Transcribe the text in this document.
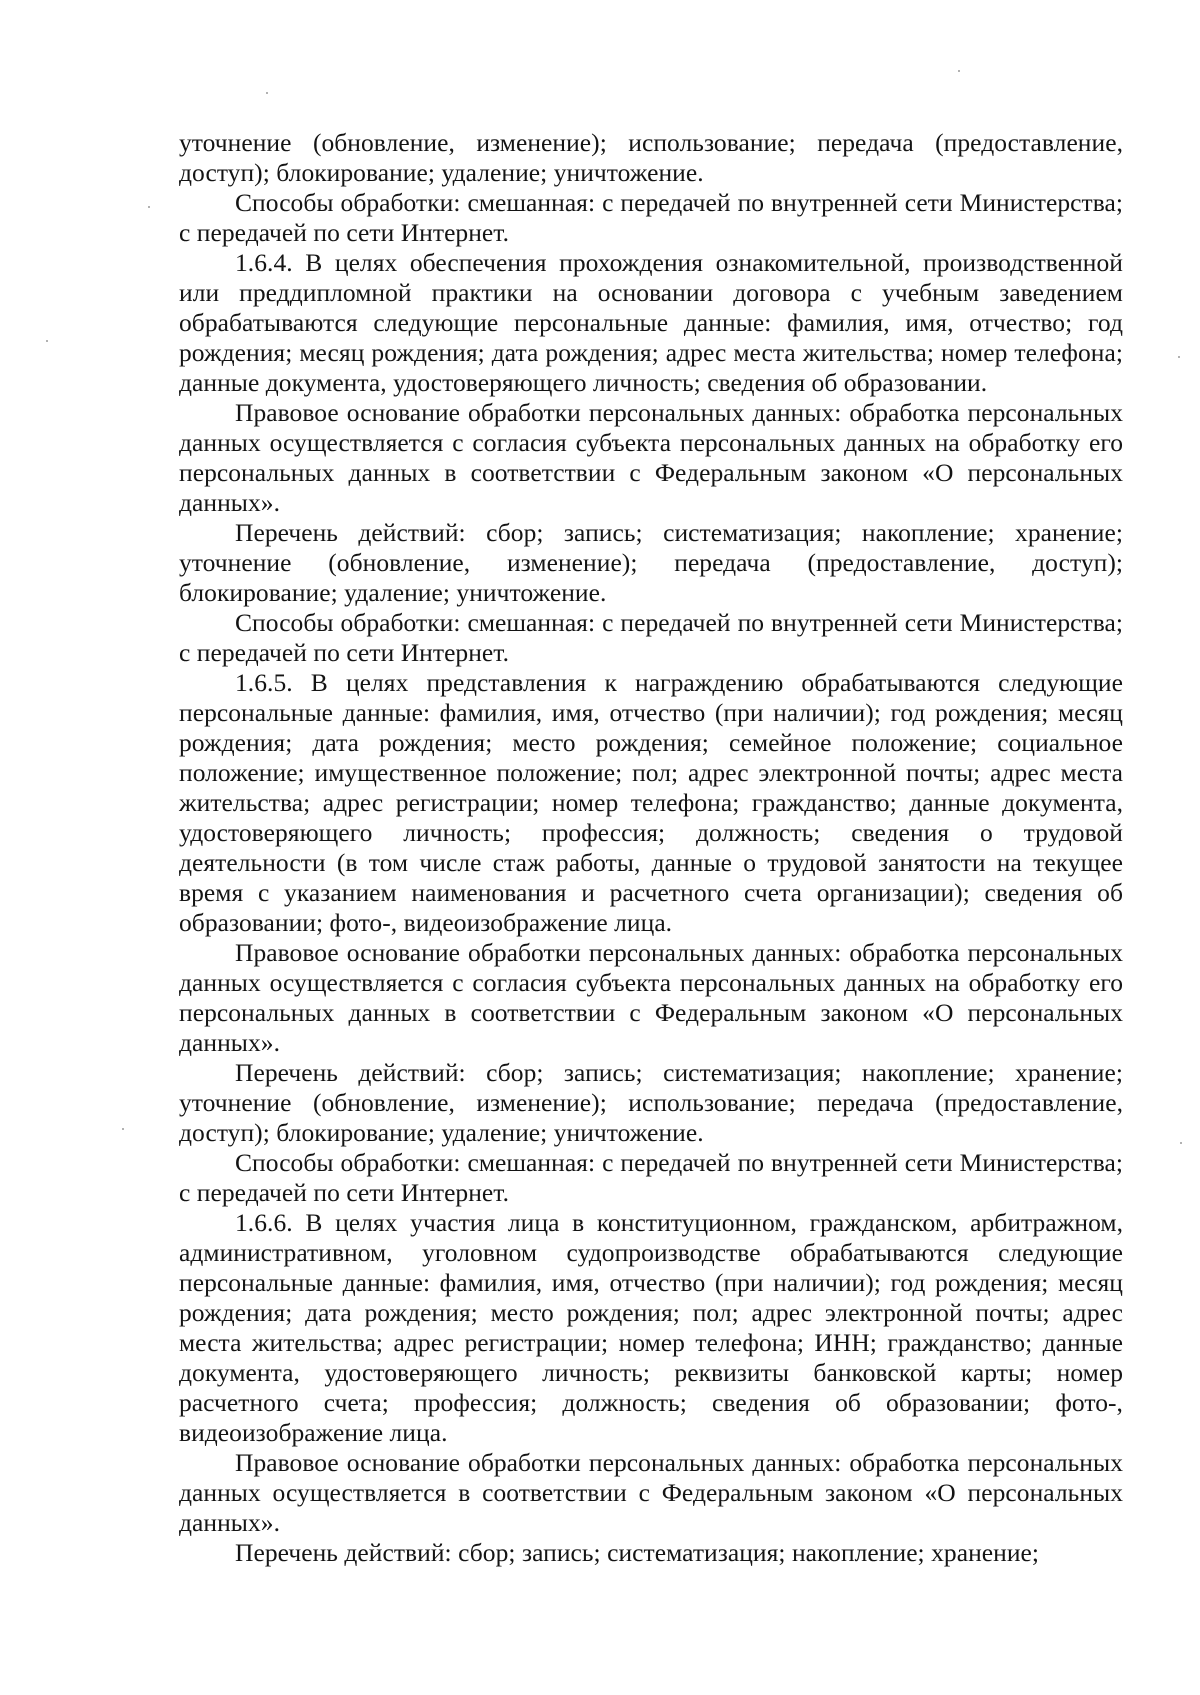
уточнение (обновление, изменение); использование; передача (предоставление, доступ); блокирование; удаление; уничтожение.

Способы обработки: смешанная: с передачей по внутренней сети Министерства; с передачей по сети Интернет.

1.6.4. В целях обеспечения прохождения ознакомительной, производственной или преддипломной практики на основании договора с учебным заведением обрабатываются следующие персональные данные: фамилия, имя, отчество; год рождения; месяц рождения; дата рождения; адрес места жительства; номер телефона; данные документа, удостоверяющего личность; сведения об образовании.

Правовое основание обработки персональных данных: обработка персональных данных осуществляется с согласия субъекта персональных данных на обработку его персональных данных в соответствии с Федеральным законом «О персональных данных».

Перечень действий: сбор; запись; систематизация; накопление; хранение; уточнение (обновление, изменение); передача (предоставление, доступ); блокирование; удаление; уничтожение.

Способы обработки: смешанная: с передачей по внутренней сети Министерства; с передачей по сети Интернет.

1.6.5. В целях представления к награждению обрабатываются следующие персональные данные: фамилия, имя, отчество (при наличии); год рождения; месяц рождения; дата рождения; место рождения; семейное положение; социальное положение; имущественное положение; пол; адрес электронной почты; адрес места жительства; адрес регистрации; номер телефона; гражданство; данные документа, удостоверяющего личность; профессия; должность; сведения о трудовой деятельности (в том числе стаж работы, данные о трудовой занятости на текущее время с указанием наименования и расчетного счета организации); сведения об образовании; фото-, видеоизображение лица.

Правовое основание обработки персональных данных: обработка персональных данных осуществляется с согласия субъекта персональных данных на обработку его персональных данных в соответствии с Федеральным законом «О персональных данных».

Перечень действий: сбор; запись; систематизация; накопление; хранение; уточнение (обновление, изменение); использование; передача (предоставление, доступ); блокирование; удаление; уничтожение.

Способы обработки: смешанная: с передачей по внутренней сети Министерства; с передачей по сети Интернет.

1.6.6. В целях участия лица в конституционном, гражданском, арбитражном, административном, уголовном судопроизводстве обрабатываются следующие персональные данные: фамилия, имя, отчество (при наличии); год рождения; месяц рождения; дата рождения; место рождения; пол; адрес электронной почты; адрес места жительства; адрес регистрации; номер телефона; ИНН; гражданство; данные документа, удостоверяющего личность; реквизиты банковской карты; номер расчетного счета; профессия; должность; сведения об образовании; фото-, видеоизображение лица.

Правовое основание обработки персональных данных: обработка персональных данных осуществляется в соответствии с Федеральным законом «О персональных данных».

Перечень действий: сбор; запись; систематизация; накопление; хранение;
